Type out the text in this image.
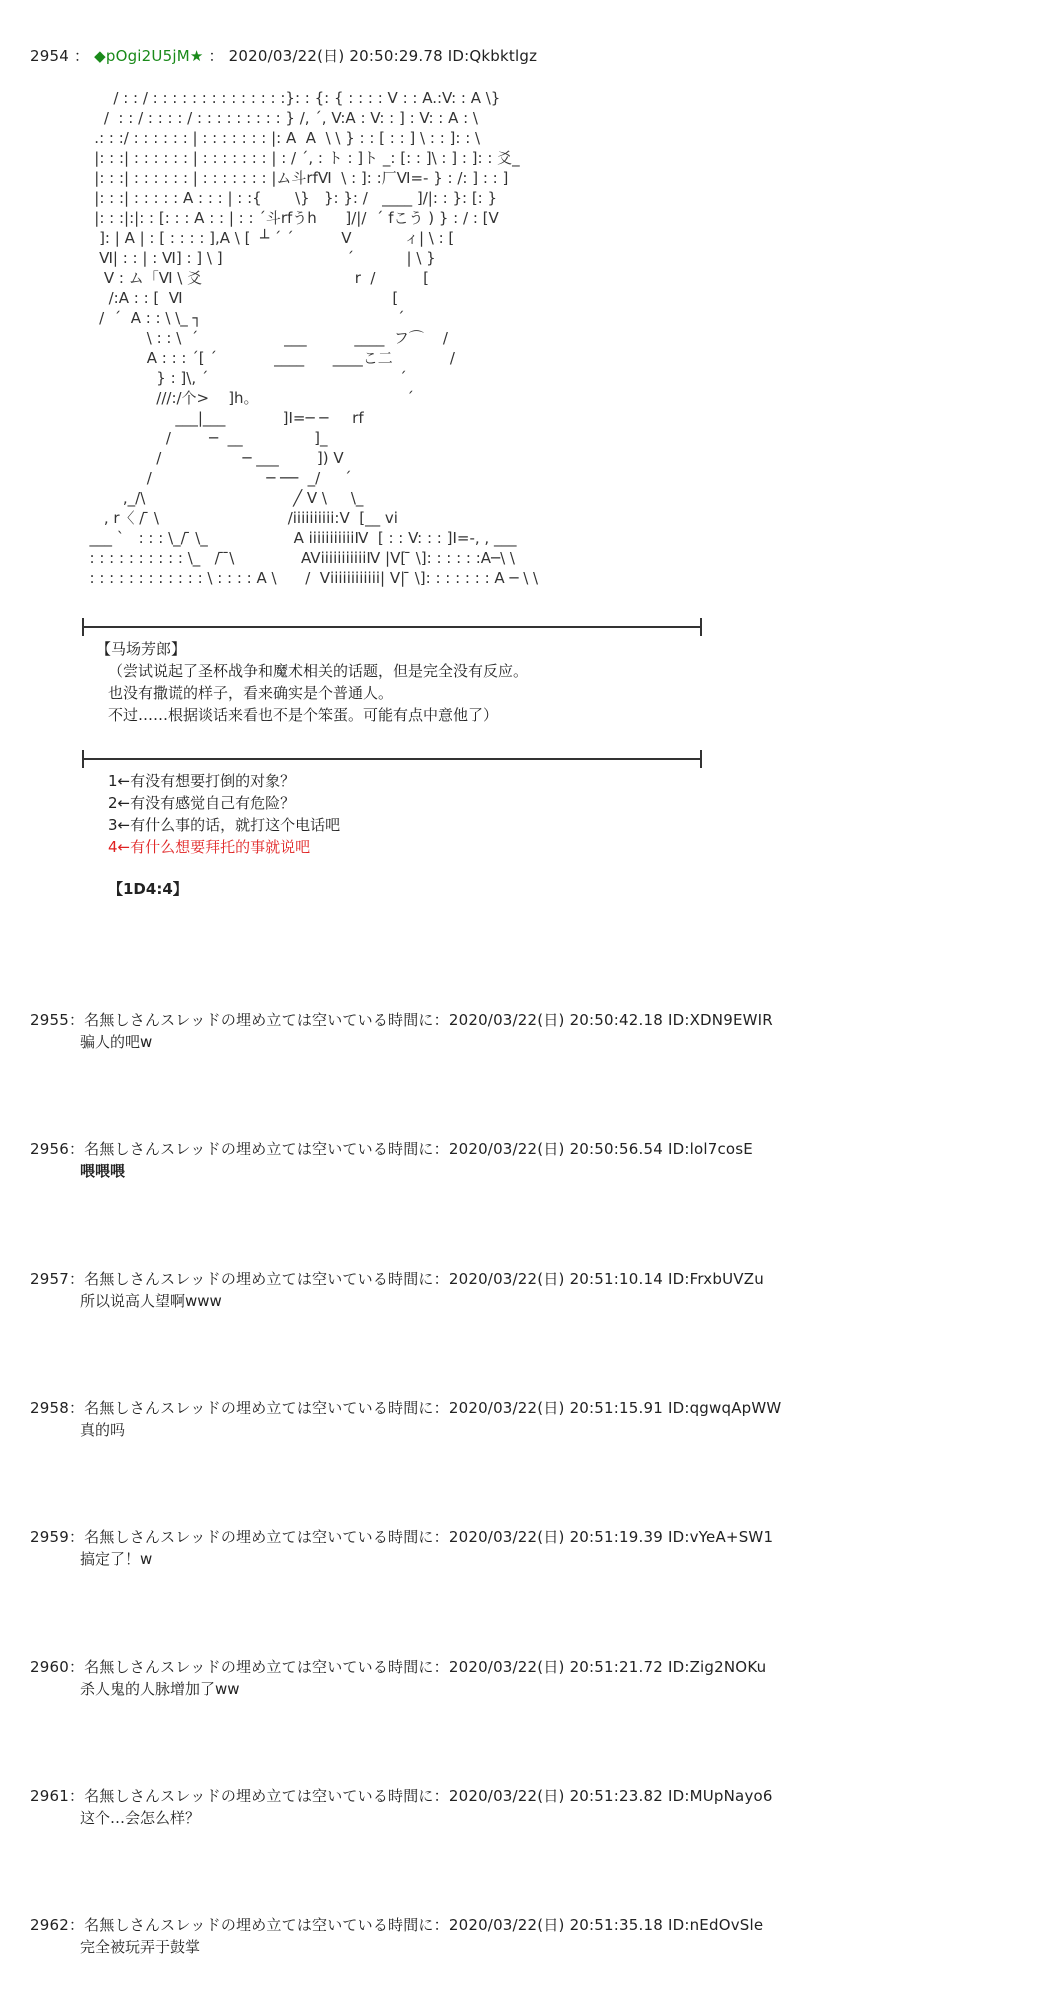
2954 ： ◆pOgi2U5jM★ ： 2020/03/22(日) 20:50:29.78 ID:Qkbktlgz
/ : : / : : : : : : : : : : : : : :}: : {: { : : : : V : : A.:V: : A \}
/  : : / : : : : / : : : : : : : : : } /, ˊ, V:A : V: : ] : V: : A : \
.: : :/ : : : : : : | : : : : : : : |: A  A  \ \ } : : [ : : ] \ : : ]: : \
|: : :| : : : : : : | : : : : : : : | : / ˊ, : ト : ]ト _: [: : ]\ : ] : ]: : 爻_
|: : :| : : : : : : | : : : : : : : |ム斗rfⅥ  \ : ]: :厂Ⅵ=- } : /: ] : : ]
|: : :| : : : : : A : : : | : :{       \}   }: }: /   ____ ]/|: : }: [: }
|: : :|:|: : [: : : A : : | : : ˊ斗rfうh      ]/|/  ˊ fこう ) } : / : [V
]: | A | : [ : : : : ],A \ [  ┴ ˊ ˊ          V           ィ| \ : [
Ⅵ| : : | : Ⅵ] : ] \ ]                          ˊ           | \ }
V : ム「Ⅵ \ 爻                                r  /          [
/:A : : [  Ⅵ                                            [
/  ˊ  A : : \ \_ ┐                                         ˊ
\ : : \  ˊ                  ___          ____  フ⌒    /
A : : : ˊ[ ˊ            ____      ____こ二            /
} : ]\, ˊ                                        ˊ
///:/个>    ]h。                               ˊ
___|___            ]I=─ ─     rf
/        ─  __               ]_
/                 ─ ___        ]) V
/                        ─ ──  _/     ˊ
,_/\                               ╱ V \     \_
, r〈 / ̄ \                           /iiiiiiiiii:V  [__ vi
___ ˋ   : : : \_/ ̄ \_                  A iiiiiiiiiiiⅣ  [ : : V: : : ]I=-, , ___
: : : : : : : : : : \_   / ̄ ̄\              AVⅰiiiiiiiiiiⅣ |V[ ̄ \]: : : : : :A─\ \
: : : : : : : : : : : : \ : : : : A \      /  Vⅰiiiiiiiiiii| V| ̄ \]: : : : : : : A ─ \ \
【马场芳郎】
（尝试说起了圣杯战争和魔术相关的话题，但是完全没有反应。
也没有撒谎的样子，看来确实是个普通人。
不过……根据谈话来看也不是个笨蛋。可能有点中意他了）
1←有没有想要打倒的对象？
2←有没有感觉自己有危险？
3←有什么事的话，就打这个电话吧
4←有什么想要拜托的事就说吧
【1D4:4】
2955：名無しさんスレッドの埋め立ては空いている時間に：2020/03/22(日) 20:50:42.18 ID:XDN9EWIR
骗人的吧w
2956：名無しさんスレッドの埋め立ては空いている時間に：2020/03/22(日) 20:50:56.54 ID:lol7cosE
喂喂喂
2957：名無しさんスレッドの埋め立ては空いている時間に：2020/03/22(日) 20:51:10.14 ID:FrxbUVZu
所以说高人望啊www
2958：名無しさんスレッドの埋め立ては空いている時間に：2020/03/22(日) 20:51:15.91 ID:qgwqApWW
真的吗
2959：名無しさんスレッドの埋め立ては空いている時間に：2020/03/22(日) 20:51:19.39 ID:vYeA+SW1
搞定了！w
2960：名無しさんスレッドの埋め立ては空いている時間に：2020/03/22(日) 20:51:21.72 ID:Zig2NOKu
杀人鬼的人脉增加了ww
2961：名無しさんスレッドの埋め立ては空いている時間に：2020/03/22(日) 20:51:23.82 ID:MUpNayo6
这个…会怎么样？
2962：名無しさんスレッドの埋め立ては空いている時間に：2020/03/22(日) 20:51:35.18 ID:nEdOvSle
完全被玩弄于鼓掌
